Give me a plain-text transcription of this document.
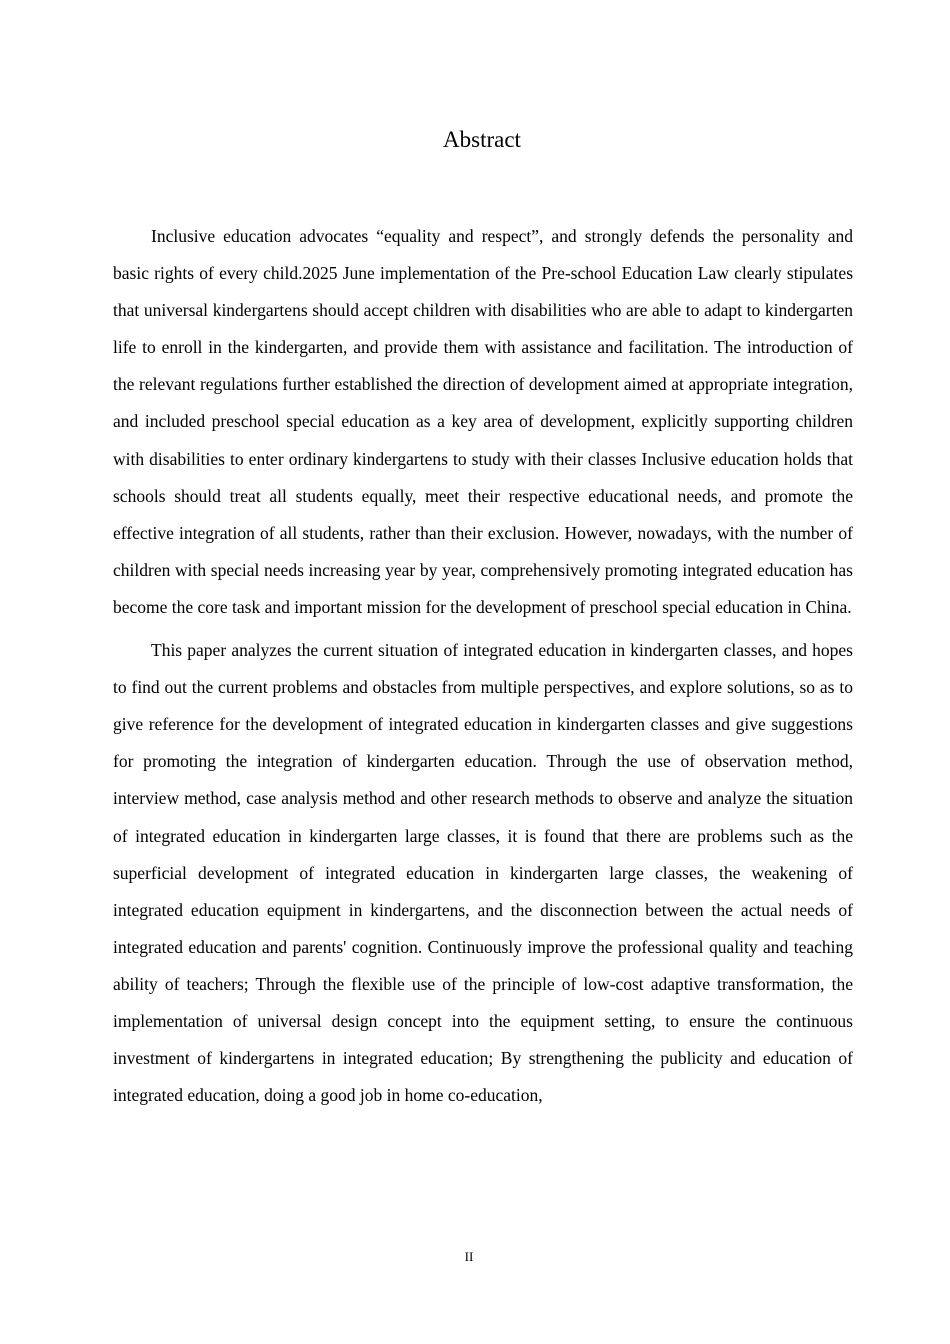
Abstract

Inclusive education advocates “equality and respect”, and strongly defends the personality and basic rights of every child.2025 June implementation of the Pre-school Education Law clearly stipulates that universal kindergartens should accept children with disabilities who are able to adapt to kindergarten life to enroll in the kindergarten, and provide them with assistance and facilitation. The introduction of the relevant regulations further established the direction of development aimed at appropriate integration, and included preschool special education as a key area of development, explicitly supporting children with disabilities to enter ordinary kindergartens to study with their classes Inclusive education holds that schools should treat all students equally, meet their respective educational needs, and promote the effective integration of all students, rather than their exclusion. However, nowadays, with the number of children with special needs increasing year by year, comprehensively promoting integrated education has become the core task and important mission for the development of preschool special education in China.

This paper analyzes the current situation of integrated education in kindergarten classes, and hopes to find out the current problems and obstacles from multiple perspectives, and explore solutions, so as to give reference for the development of integrated education in kindergarten classes and give suggestions for promoting the integration of kindergarten education. Through the use of observation method, interview method, case analysis method and other research methods to observe and analyze the situation of integrated education in kindergarten large classes, it is found that there are problems such as the superficial development of integrated education in kindergarten large classes, the weakening of integrated education equipment in kindergartens, and the disconnection between the actual needs of integrated education and parents' cognition. Continuously improve the professional quality and teaching ability of teachers; Through the flexible use of the principle of low-cost adaptive transformation, the implementation of universal design concept into the equipment setting, to ensure the continuous investment of kindergartens in integrated education; By strengthening the publicity and education of integrated education, doing a good job in home co-education,

II
